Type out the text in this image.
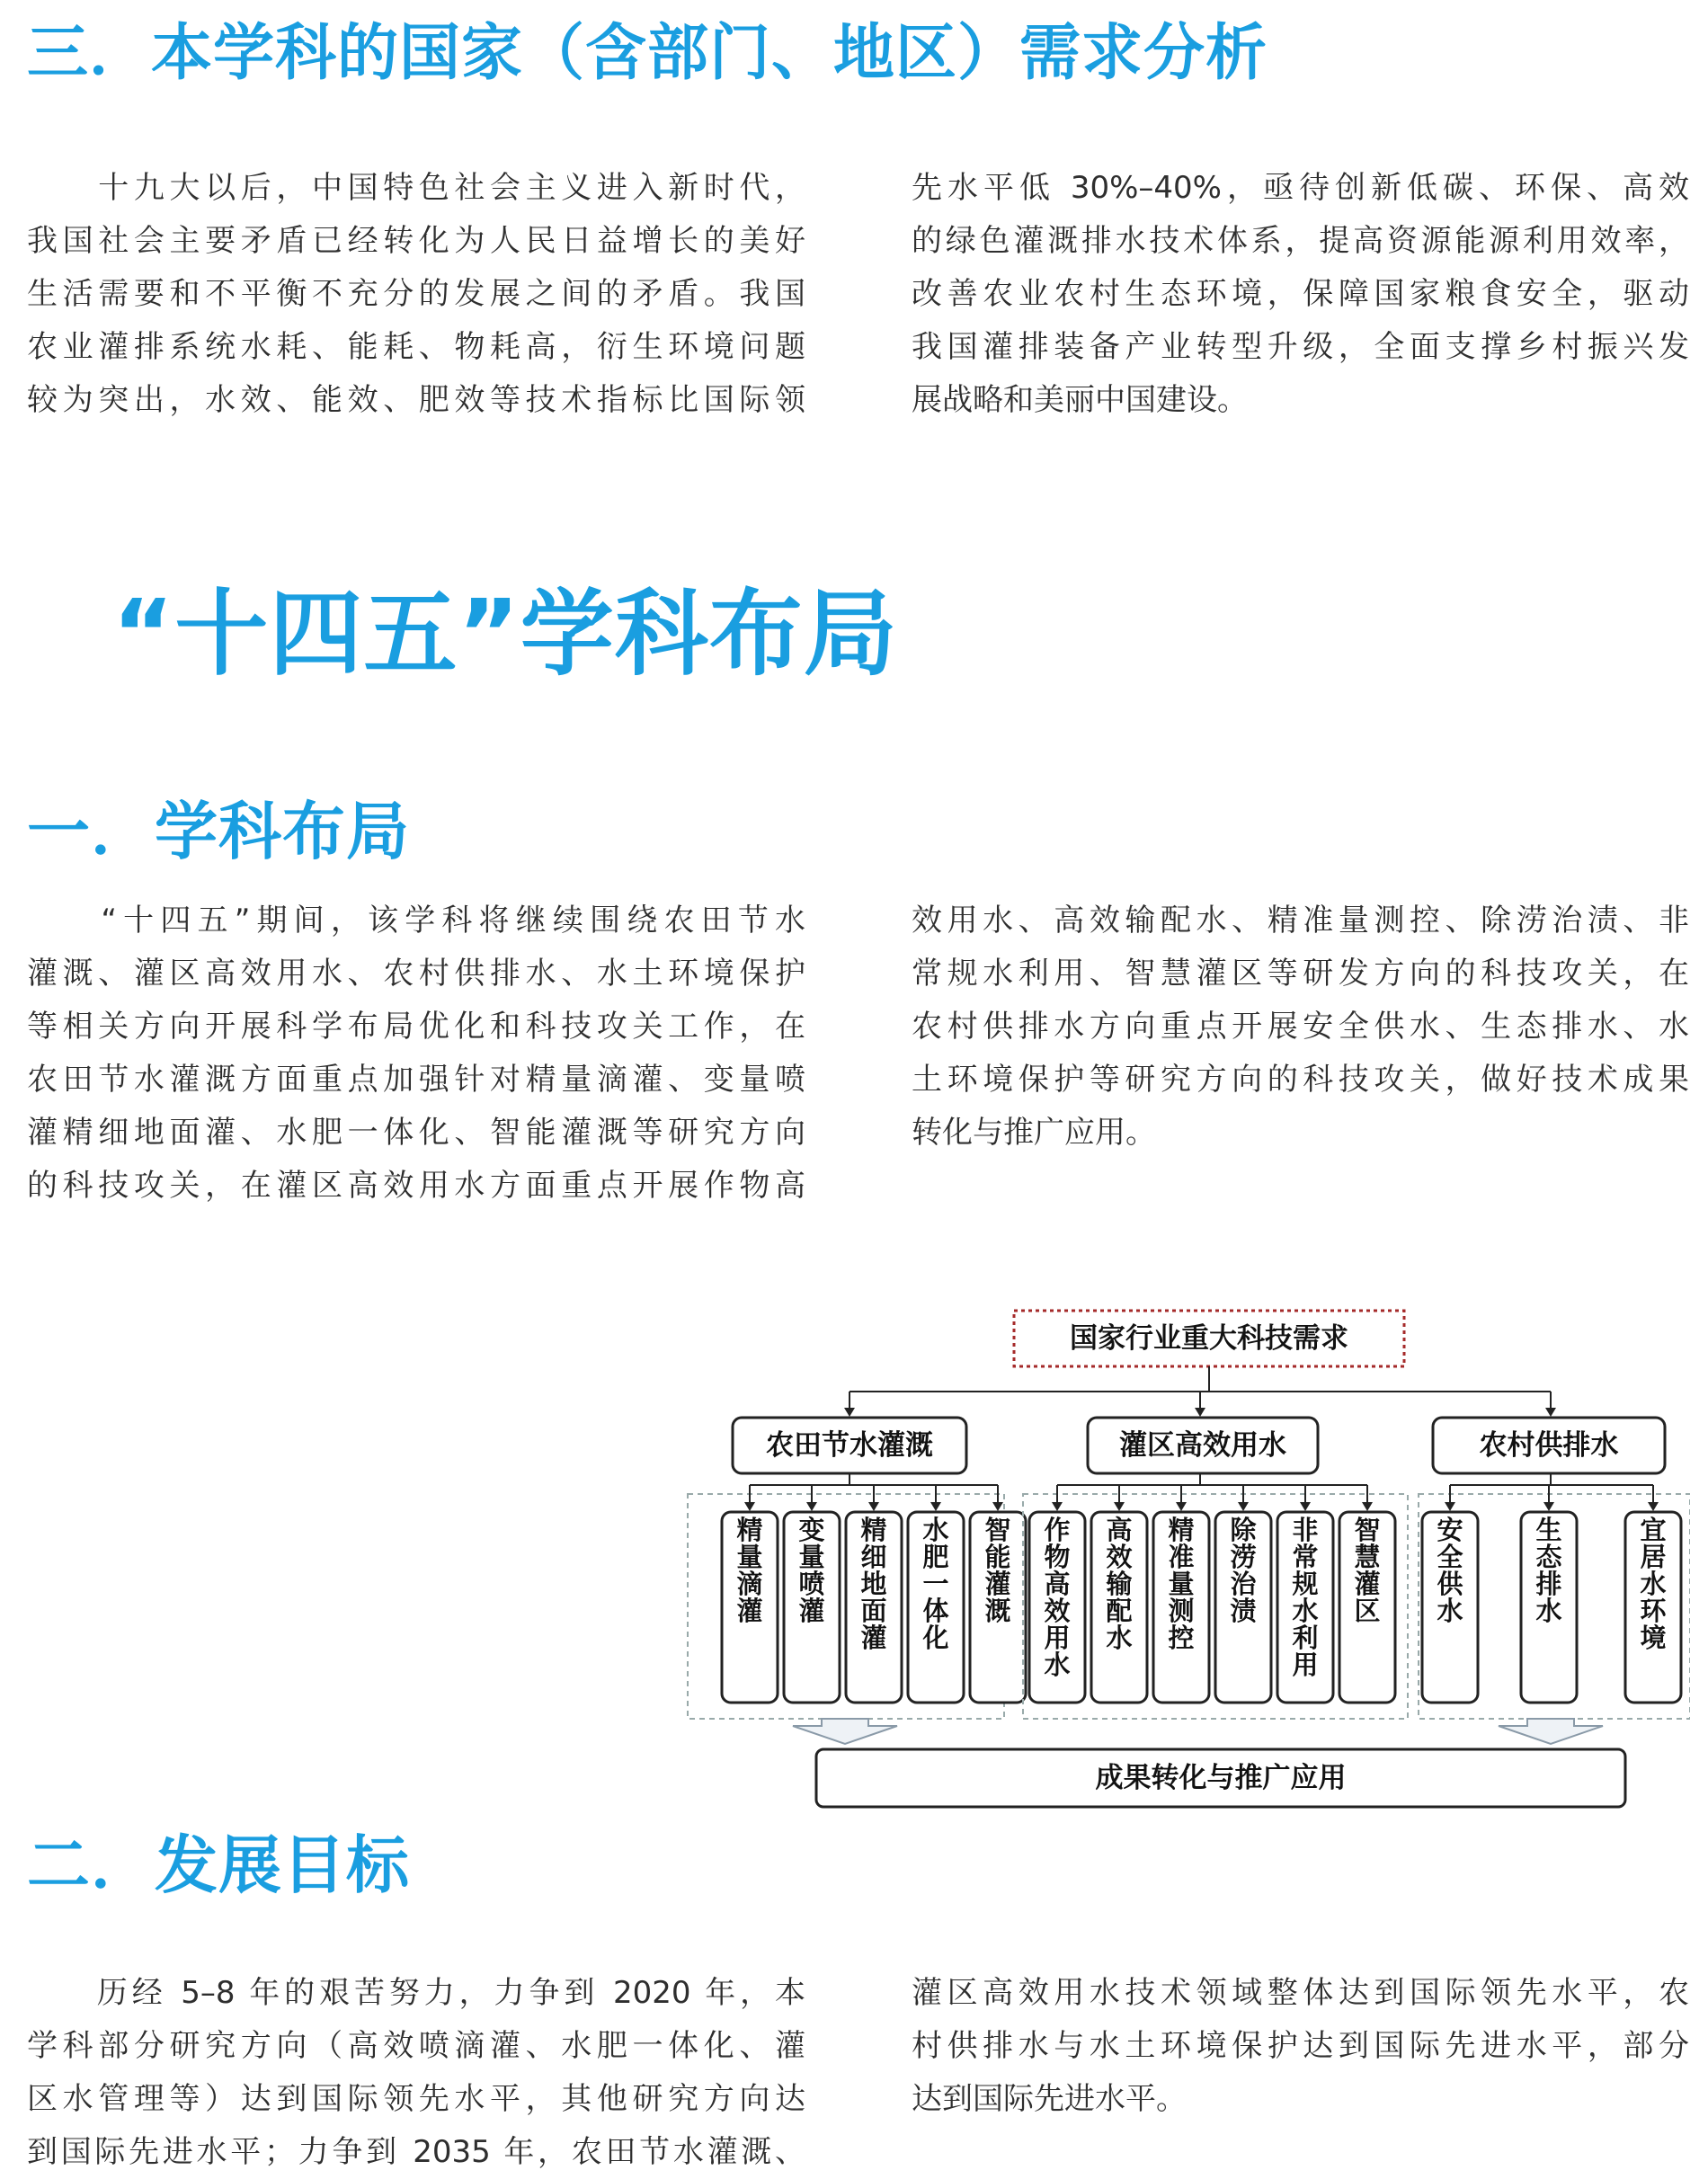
三．本学科的国家（含部门、地区）需求分析
　　十九大以后，中国特色社会主义进入新时代，
我国社会主要矛盾已经转化为人民日益增长的美好
生活需要和不平衡不充分的发展之间的矛盾。我国
农业灌排系统水耗、能耗、物耗高，衍生环境问题
较为突出，水效、能效、肥效等技术指标比国际领
先水平低 30%–40%，亟待创新低碳、环保、高效
的绿色灌溉排水技术体系，提高资源能源利用效率，
改善农业农村生态环境，保障国家粮食安全，驱动
我国灌排装备产业转型升级，全面支撑乡村振兴发
展战略和美丽中国建设。
“十四五”学科布局
一．学科布局
　　“十四五”期间，该学科将继续围绕农田节水
灌溉、灌区高效用水、农村供排水、水土环境保护
等相关方向开展科学布局优化和科技攻关工作，在
农田节水灌溉方面重点加强针对精量滴灌、变量喷
灌精细地面灌、水肥一体化、智能灌溉等研究方向
的科技攻关，在灌区高效用水方面重点开展作物高
效用水、高效输配水、精准量测控、除涝治渍、非
常规水利用、智慧灌区等研发方向的科技攻关，在
农村供排水方向重点开展安全供水、生态排水、水
土环境保护等研究方向的科技攻关，做好技术成果
转化与推广应用。
国家行业重大科技需求
农田节水灌溉	灌区高效用水	农村供排水
精量滴灌
变量喷灌
精细地面灌
水肥一体化
智能灌溉
作物高效用水
高效输配水
精准量测控
除涝治渍
非常规水利用
智慧灌区
安全供水
生态排水
宜居水环境
成果转化与推广应用
二．发展目标
　　历经 5–8 年的艰苦努力，力争到 2020 年，本
学科部分研究方向（高效喷滴灌、水肥一体化、灌
区水管理等）达到国际领先水平，其他研究方向达
到国际先进水平；力争到 2035 年，农田节水灌溉、
灌区高效用水技术领域整体达到国际领先水平，农
村供排水与水土环境保护达到国际先进水平，部分
达到国际先进水平。
